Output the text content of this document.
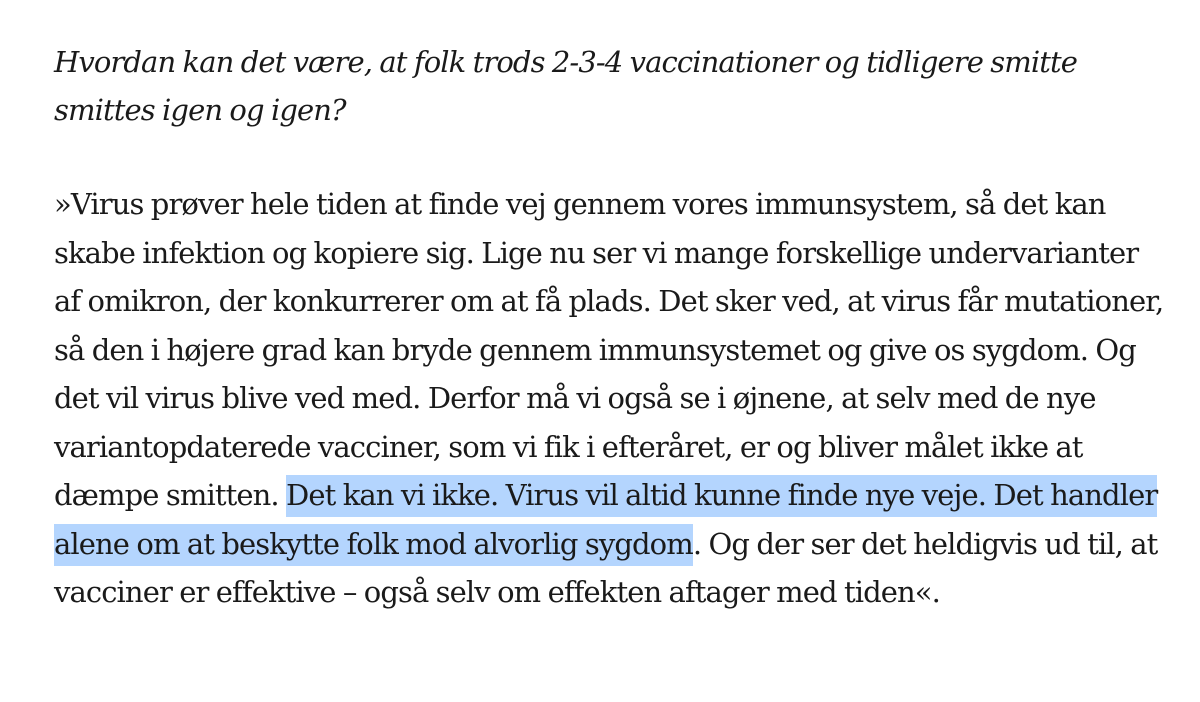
Hvordan kan det være, at folk trods 2-3-4 vaccinationer og tidligere smitte smittes igen og igen?

»Virus prøver hele tiden at finde vej gennem vores immunsystem, så det kan skabe infektion og kopiere sig. Lige nu ser vi mange forskellige undervarianter af omikron, der konkurrerer om at få plads. Det sker ved, at virus får mutationer, så den i højere grad kan bryde gennem immunsystemet og give os sygdom. Og det vil virus blive ved med. Derfor må vi også se i øjnene, at selv med de nye variantopdaterede vacciner, som vi fik i efteråret, er og bliver målet ikke at dæmpe smitten. Det kan vi ikke. Virus vil altid kunne finde nye veje. Det handler alene om at beskytte folk mod alvorlig sygdom. Og der ser det heldigvis ud til, at vacciner er effektive – også selv om effekten aftager med tiden«.
